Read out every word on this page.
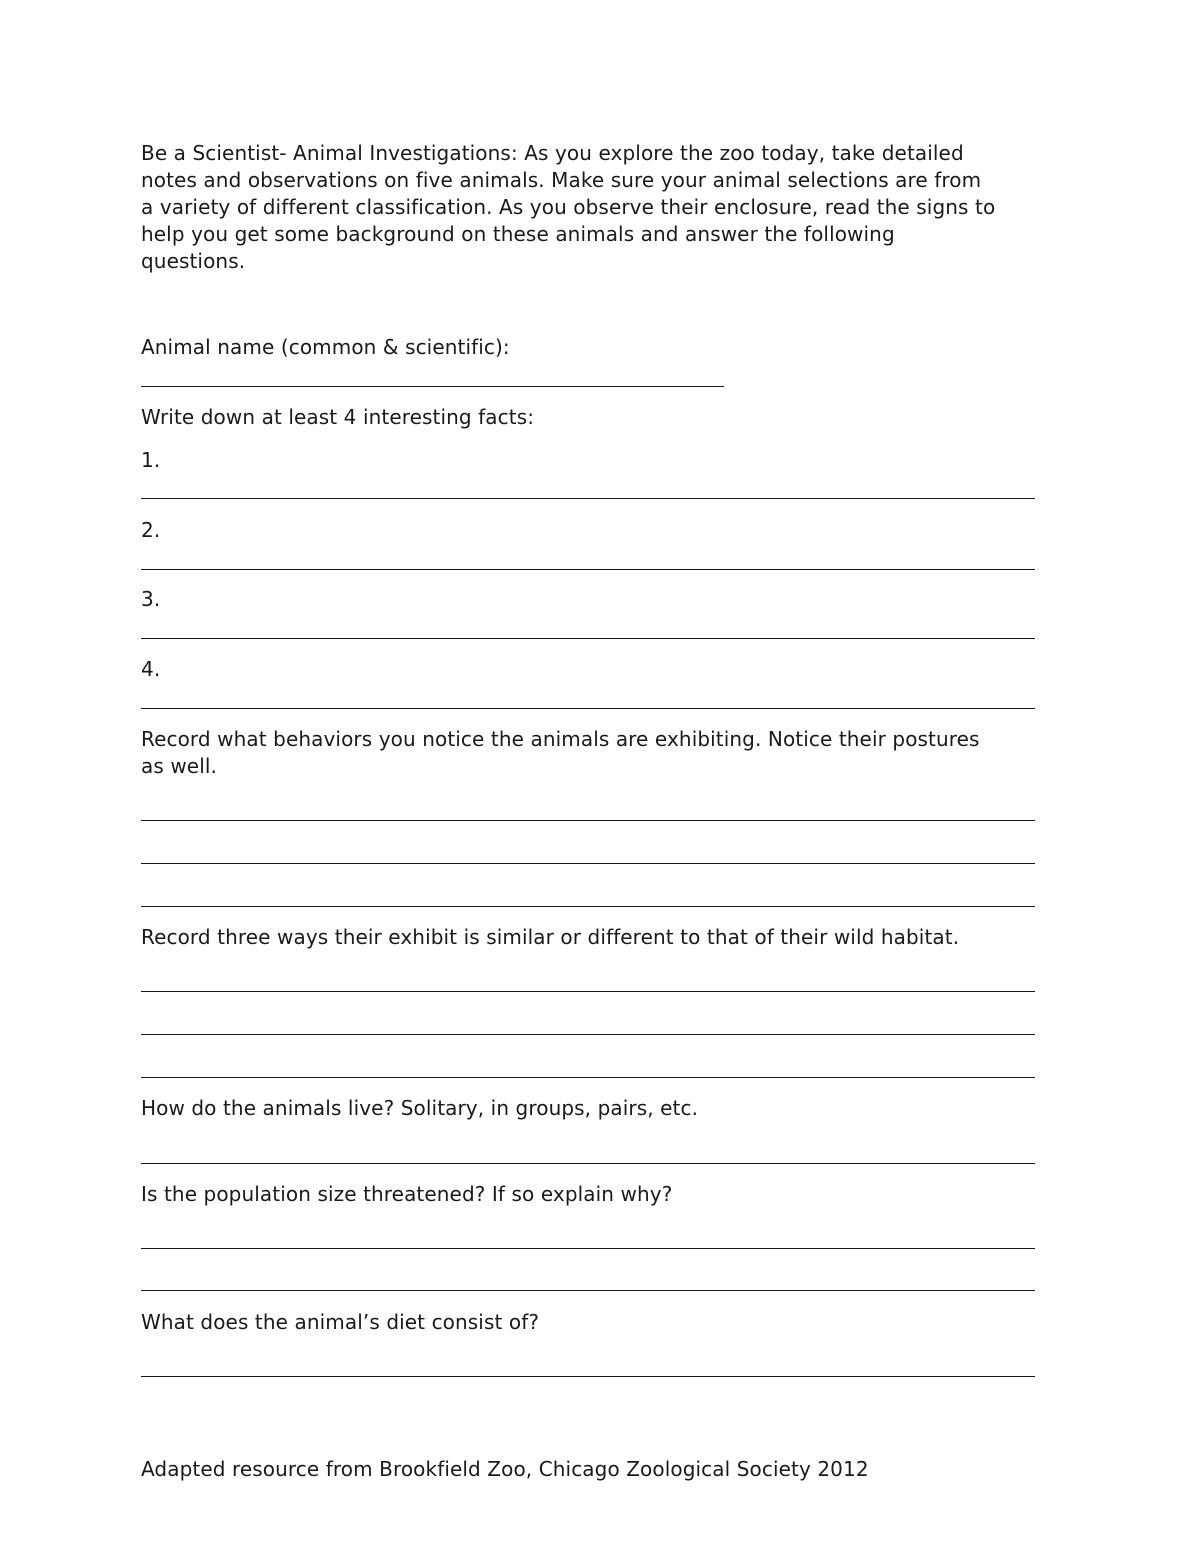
Be a Scientist- Animal Investigations: As you explore the zoo today, take detailed
notes and observations on five animals. Make sure your animal selections are from
a variety of different classification. As you observe their enclosure, read the signs to
help you get some background on these animals and answer the following
questions.
Animal name (common & scientific):
Write down at least 4 interesting facts:
1.
2.
3.
4.
Record what behaviors you notice the animals are exhibiting. Notice their postures
as well.
Record three ways their exhibit is similar or different to that of their wild habitat.
How do the animals live? Solitary, in groups, pairs, etc.
Is the population size threatened? If so explain why?
What does the animal’s diet consist of?
Adapted resource from Brookfield Zoo, Chicago Zoological Society 2012
